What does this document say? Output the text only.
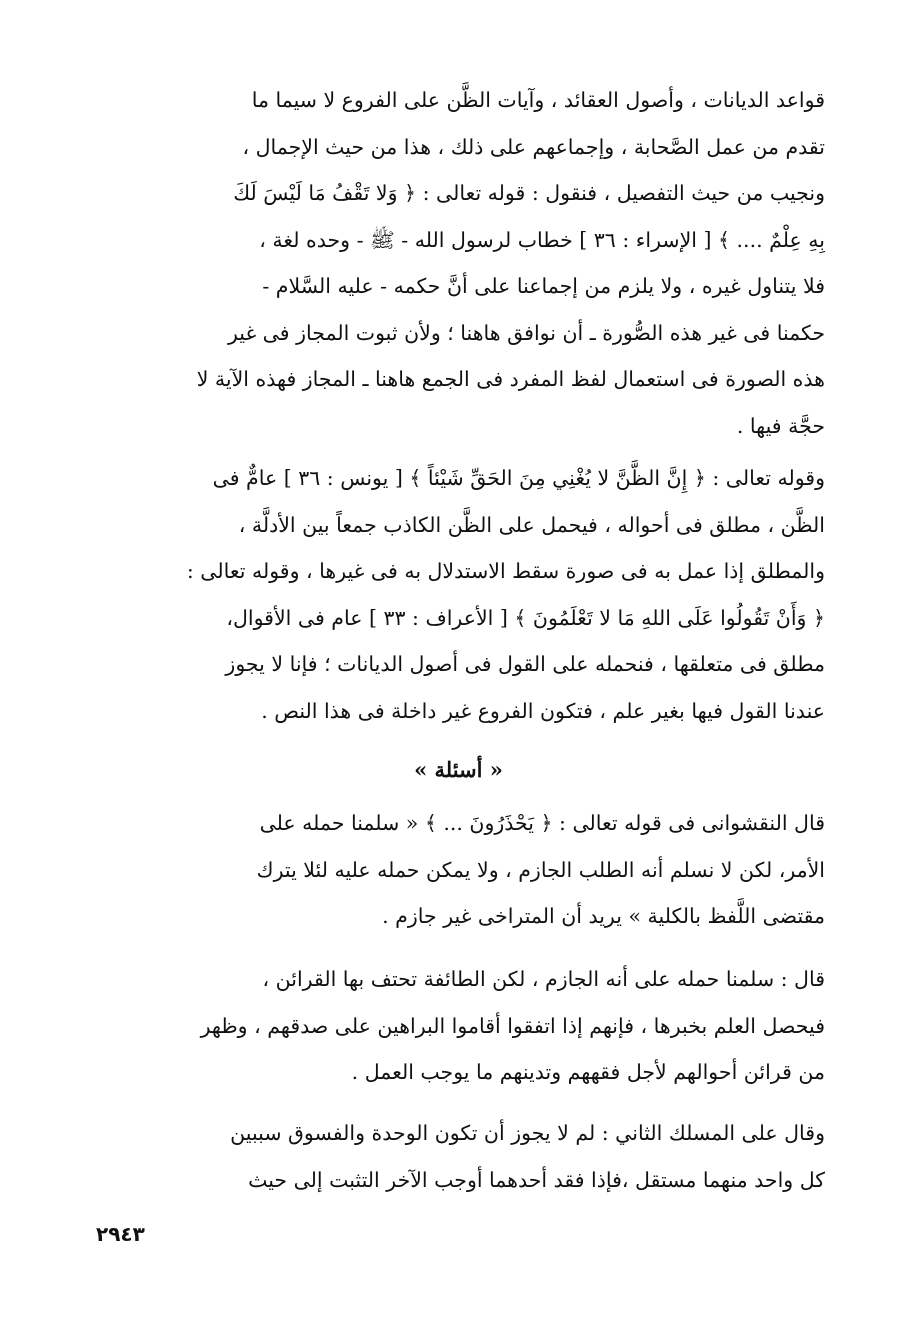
قواعد الديانات ، وأصول العقائد ، وآيات الظَّن على الفروع لا سيما ما
تقدم من عمل الصَّحابة ، وإجماعهم على ذلك ، هذا من حيث الإجمال ،
ونجيب من حيث التفصيل ، فنقول : قوله تعالى : ﴿ وَلا تَقْفُ مَا لَيْسَ لَكَ
بِهِ عِلْمٌ .... ﴾ [ الإسراء : ٣٦ ] خطاب لرسول الله - ﷺ - وحده لغة ،
فلا يتناول غيره ، ولا يلزم من إجماعنا على أنَّ حكمه - عليه السَّلام -
حكمنا فى غير هذه الصُّورة ـ أن نوافق هاهنا ؛ ولأن ثبوت المجاز فى غير
هذه الصورة فى استعمال لفظ المفرد فى الجمع هاهنا ـ المجاز فهذه الآية لا
حجَّة فيها .
وقوله تعالى : ﴿ إِنَّ الظَّنَّ لا يُغْنِي مِنَ الحَقِّ شَيْئاً ﴾ [ يونس : ٣٦ ] عامٌّ فى
الظَّن ، مطلق فى أحواله ، فيحمل على الظَّن الكاذب جمعاً بين الأدلَّة ،
والمطلق إذا عمل به فى صورة سقط الاستدلال به فى غيرها ، وقوله تعالى :
﴿ وَأَنْ تَقُولُوا عَلَى اللهِ مَا لا تَعْلَمُونَ ﴾ [ الأعراف : ٣٣ ] عام فى الأقوال،
مطلق فى متعلقها ، فنحمله على القول فى أصول الديانات ؛ فإنا لا يجوز
عندنا القول فيها بغير علم ، فتكون الفروع غير داخلة فى هذا النص .
« أسئلة »
قال النقشوانى فى قوله تعالى : ﴿ يَحْذَرُونَ ... ﴾ « سلمنا حمله على
الأمر، لكن لا نسلم أنه الطلب الجازم ، ولا يمكن حمله عليه لئلا يترك
مقتضى اللَّفظ بالكلية » يريد أن المتراخى غير جازم .
قال : سلمنا حمله على أنه الجازم ، لكن الطائفة تحتف بها القرائن ،
فيحصل العلم بخبرها ، فإنهم إذا اتفقوا أقاموا البراهين على صدقهم ، وظهر
من قرائن أحوالهم لأجل فقههم وتدينهم ما يوجب العمل .
وقال على المسلك الثاني : لم لا يجوز أن تكون الوحدة والفسوق سببين
كل واحد منهما مستقل ،فإذا فقد أحدهما أوجب الآخر التثبت إلى حيث
٢٩٤٣
